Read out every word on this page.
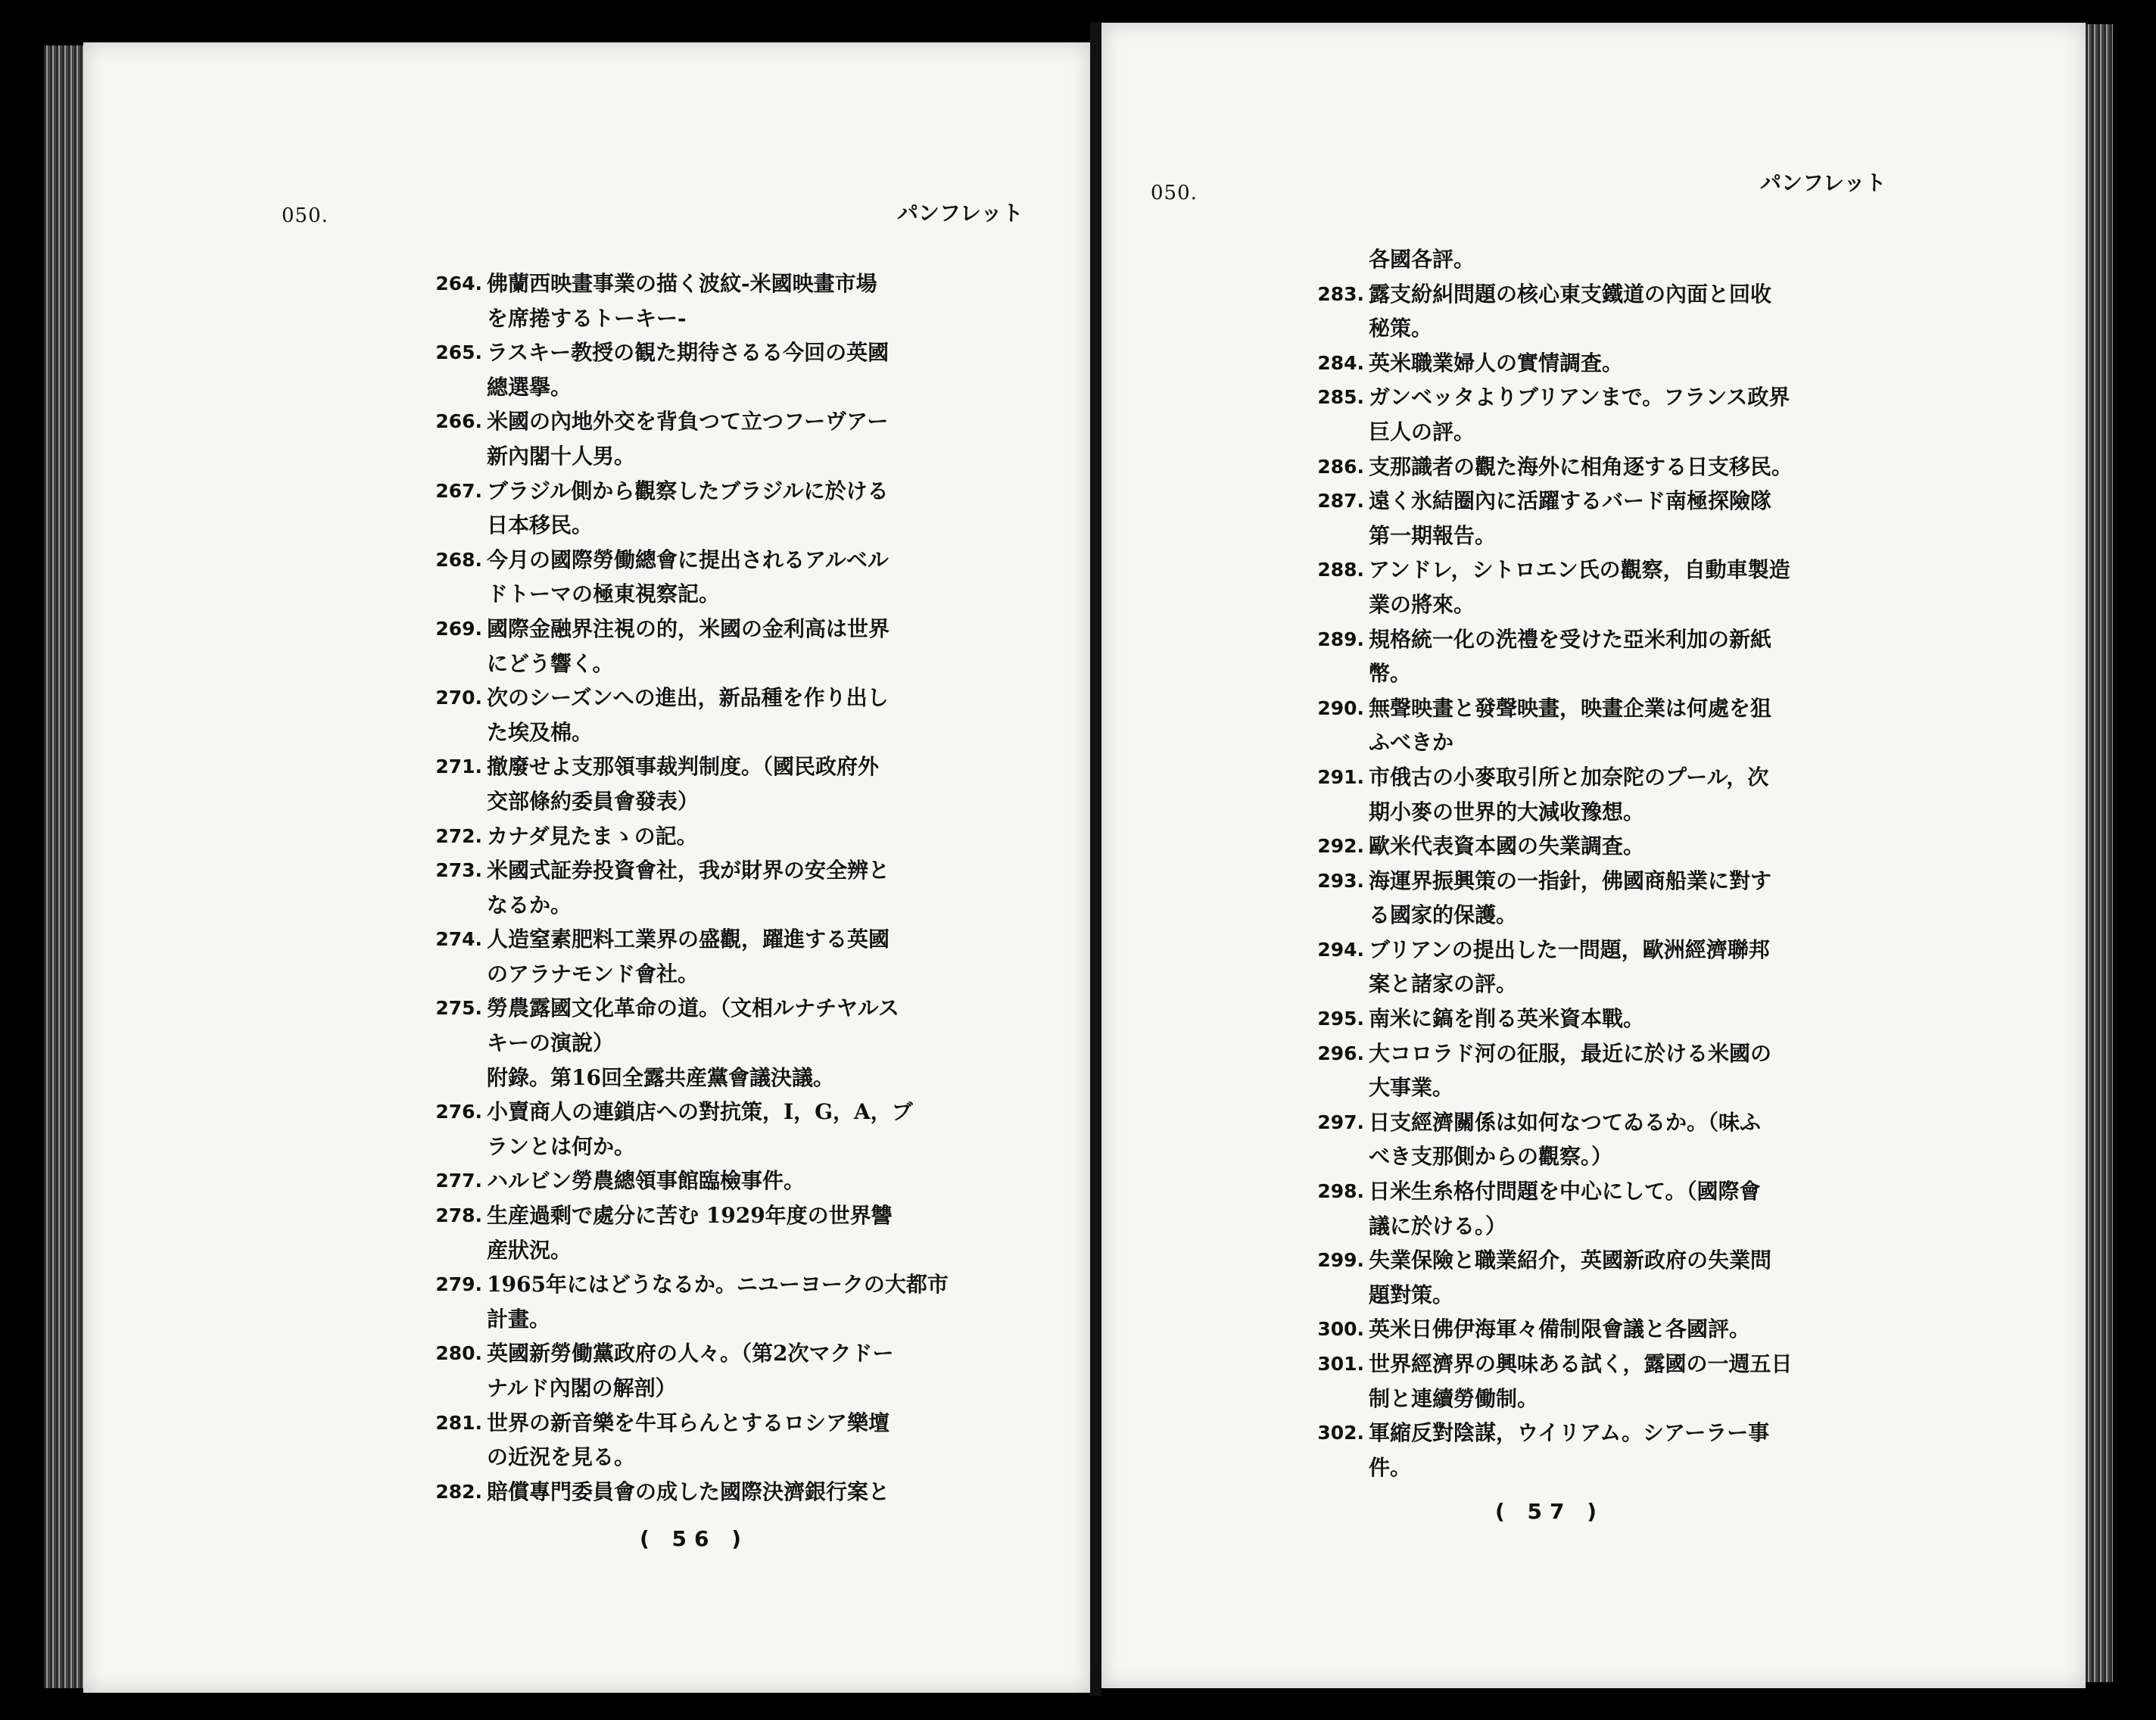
050.	パンフレット
264. 佛蘭西映畫事業の描く波紋-米國映畫市場
を席捲するトーキー-
265. ラスキー教授の観た期待さるる今回の英國
總選擧。
266. 米國の內地外交を背負つて立つフーヴアー
新內閣十人男。
267. ブラジル側から觀察したブラジルに於ける
日本移民。
268. 今月の國際勞働總會に提出されるアルベル
ドトーマの極東視察記。
269. 國際金融界注視の的，米國の金利高は世界
にどう響く。
270. 次のシーズンへの進出，新品種を作り出し
た埃及棉。
271. 撤廢せよ支那領事裁判制度。（國民政府外
交部條約委員會發表）
272. カナダ見たまゝの記。
273. 米國式証券投資會社，我が財界の安全辨と
なるか。
274. 人造窒素肥料工業界の盛觀，躍進する英國
のアラナモンド會社。
275. 勞農露國文化革命の道。（文相ルナチヤルス
キーの演說）
附錄。第16回全露共産黨會議決議。
276. 小賣商人の連鎖店への對抗策，I，G，A，ブ
ランとは何か。
277. ハルビン勞農總領事館臨檢事件。
278. 生産過剩で處分に苦む 1929年度の世界讐
産狀況。
279. 1965年にはどうなるか。ニユーヨークの大都市
計畫。
280. 英國新勞働黨政府の人々。（第2次マクドー
ナルド內閣の解剖）
281. 世界の新音樂を牛耳らんとするロシア樂壇
の近況を見る。
282. 賠償專門委員會の成した國際決濟銀行案と
( 56 )
050.	パンフレット
各國各評。
283. 露支紛糾問題の核心東支鐵道の內面と回收
秘策。
284. 英米職業婦人の實情調査。
285. ガンベッタよりブリアンまで。フランス政界
巨人の評。
286. 支那識者の觀た海外に相角逐する日支移民。
287. 遠く氷結圈內に活躍するバード南極探險隊
第一期報告。
288. アンドレ，シトロエン氏の觀察，自動車製造
業の將來。
289. 規格統一化の洗禮を受けた亞米利加の新紙
幣。
290. 無聲映畫と發聲映畫，映畫企業は何處を狙
ふべきか
291. 市俄古の小麥取引所と加奈陀のプール，次
期小麥の世界的大減收豫想。
292. 歐米代表資本國の失業調査。
293. 海運界振興策の一指針，佛國商船業に對す
る國家的保護。
294. ブリアンの提出した一問題，歐洲經濟聯邦
案と諸家の評。
295. 南米に鎬を削る英米資本戰。
296. 大コロラド河の征服，最近に於ける米國の
大事業。
297. 日支經濟關係は如何なつてゐるか。（味ふ
べき支那側からの觀察。）
298. 日米生糸格付問題を中心にして。（國際會
議に於ける。）
299. 失業保險と職業紹介，英國新政府の失業問
題對策。
300. 英米日佛伊海軍々備制限會議と各國評。
301. 世界經濟界の興味ある試く，露國の一週五日
制と連續勞働制。
302. 軍縮反對陰謀，ウイリアム。シアーラー事
件。
( 57 )
